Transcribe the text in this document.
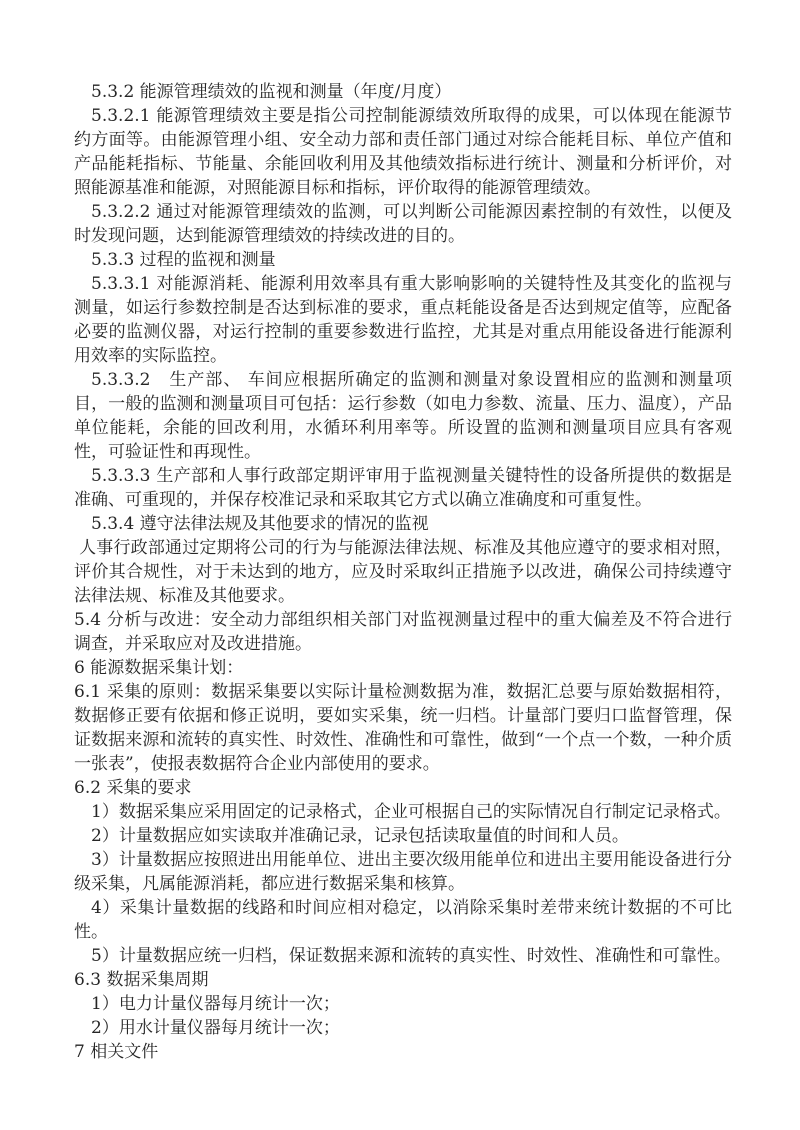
5.3.2 能源管理绩效的监视和测量（年度/月度）

5.3.2.1 能源管理绩效主要是指公司控制能源绩效所取得的成果，可以体现在能源节约方面等。由能源管理小组、安全动力部和责任部门通过对综合能耗目标、单位产值和产品能耗指标、节能量、余能回收利用及其他绩效指标进行统计、测量和分析评价，对照能源基准和能源，对照能源目标和指标，评价取得的能源管理绩效。

5.3.2.2 通过对能源管理绩效的监测，可以判断公司能源因素控制的有效性，以便及时发现问题，达到能源管理绩效的持续改进的目的。

5.3.3 过程的监视和测量

5.3.3.1 对能源消耗、能源利用效率具有重大影响影响的关键特性及其变化的监视与测量，如运行参数控制是否达到标准的要求，重点耗能设备是否达到规定值等，应配备必要的监测仪器，对运行控制的重要参数进行监控，尤其是对重点用能设备进行能源利用效率的实际监控。

5.3.3.2　生产部、 车间应根据所确定的监测和测量对象设置相应的监测和测量项目，一般的监测和测量项目可包括：运行参数（如电力参数、流量、压力、温度），产品单位能耗，余能的回改利用，水循环利用率等。所设置的监测和测量项目应具有客观性，可验证性和再现性。

5.3.3.3 生产部和人事行政部定期评审用于监视测量关键特性的设备所提供的数据是准确、可重现的，并保存校准记录和采取其它方式以确立准确度和可重复性。

5.3.4 遵守法律法规及其他要求的情况的监视

人事行政部通过定期将公司的行为与能源法律法规、标准及其他应遵守的要求相对照，评价其合规性，对于未达到的地方，应及时采取纠正措施予以改进，确保公司持续遵守法律法规、标准及其他要求。

5.4 分析与改进：安全动力部组织相关部门对监视测量过程中的重大偏差及不符合进行调查，并采取应对及改进措施。

6 能源数据采集计划：

6.1 采集的原则：数据采集要以实际计量检测数据为准，数据汇总要与原始数据相符，数据修正要有依据和修正说明，要如实采集，统一归档。计量部门要归口监督管理，保证数据来源和流转的真实性、时效性、准确性和可靠性，做到“一个点一个数，一种介质一张表”，使报表数据符合企业内部使用的要求。

6.2 采集的要求

1）数据采集应采用固定的记录格式，企业可根据自己的实际情况自行制定记录格式。

2）计量数据应如实读取并准确记录，记录包括读取量值的时间和人员。

3）计量数据应按照进出用能单位、进出主要次级用能单位和进出主要用能设备进行分级采集，凡属能源消耗，都应进行数据采集和核算。

4）采集计量数据的线路和时间应相对稳定，以消除采集时差带来统计数据的不可比性。

5）计量数据应统一归档，保证数据来源和流转的真实性、时效性、准确性和可靠性。

6.3 数据采集周期

1）电力计量仪器每月统计一次；

2）用水计量仪器每月统计一次；

7 相关文件
